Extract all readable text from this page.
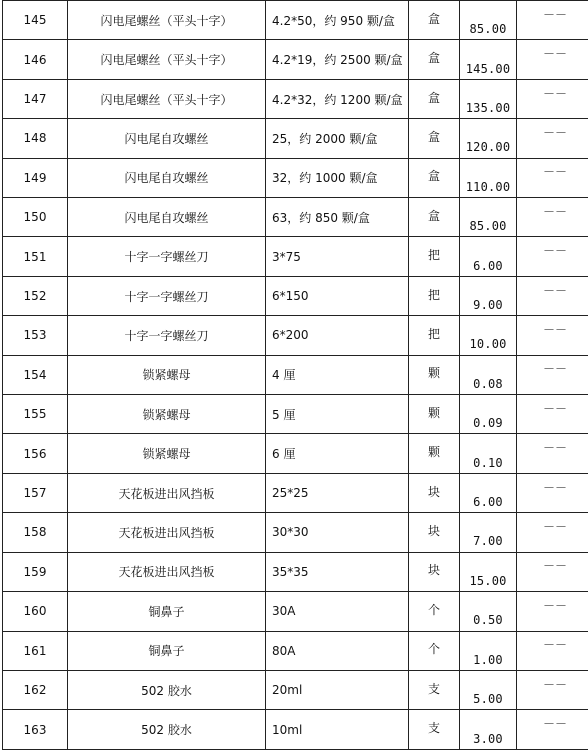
145	闪电尾螺丝（平头十字）	4.2*50，约 950 颗/盒	盒	85.00	－－
146	闪电尾螺丝（平头十字）	4.2*19，约 2500 颗/盒	盒	145.00	－－
147	闪电尾螺丝（平头十字）	4.2*32，约 1200 颗/盒	盒	135.00	－－
148	闪电尾自攻螺丝	25，约 2000 颗/盒	盒	120.00	－－
149	闪电尾自攻螺丝	32，约 1000 颗/盒	盒	110.00	－－
150	闪电尾自攻螺丝	63，约 850 颗/盒	盒	85.00	－－
151	十字一字螺丝刀	3*75	把	6.00	－－
152	十字一字螺丝刀	6*150	把	9.00	－－
153	十字一字螺丝刀	6*200	把	10.00	－－
154	锁紧螺母	4 厘	颗	0.08	－－
155	锁紧螺母	5 厘	颗	0.09	－－
156	锁紧螺母	6 厘	颗	0.10	－－
157	天花板进出风挡板	25*25	块	6.00	－－
158	天花板进出风挡板	30*30	块	7.00	－－
159	天花板进出风挡板	35*35	块	15.00	－－
160	铜鼻子	30A	个	0.50	－－
161	铜鼻子	80A	个	1.00	－－
162	502 胶水	20ml	支	5.00	－－
163	502 胶水	10ml	支	3.00	－－
